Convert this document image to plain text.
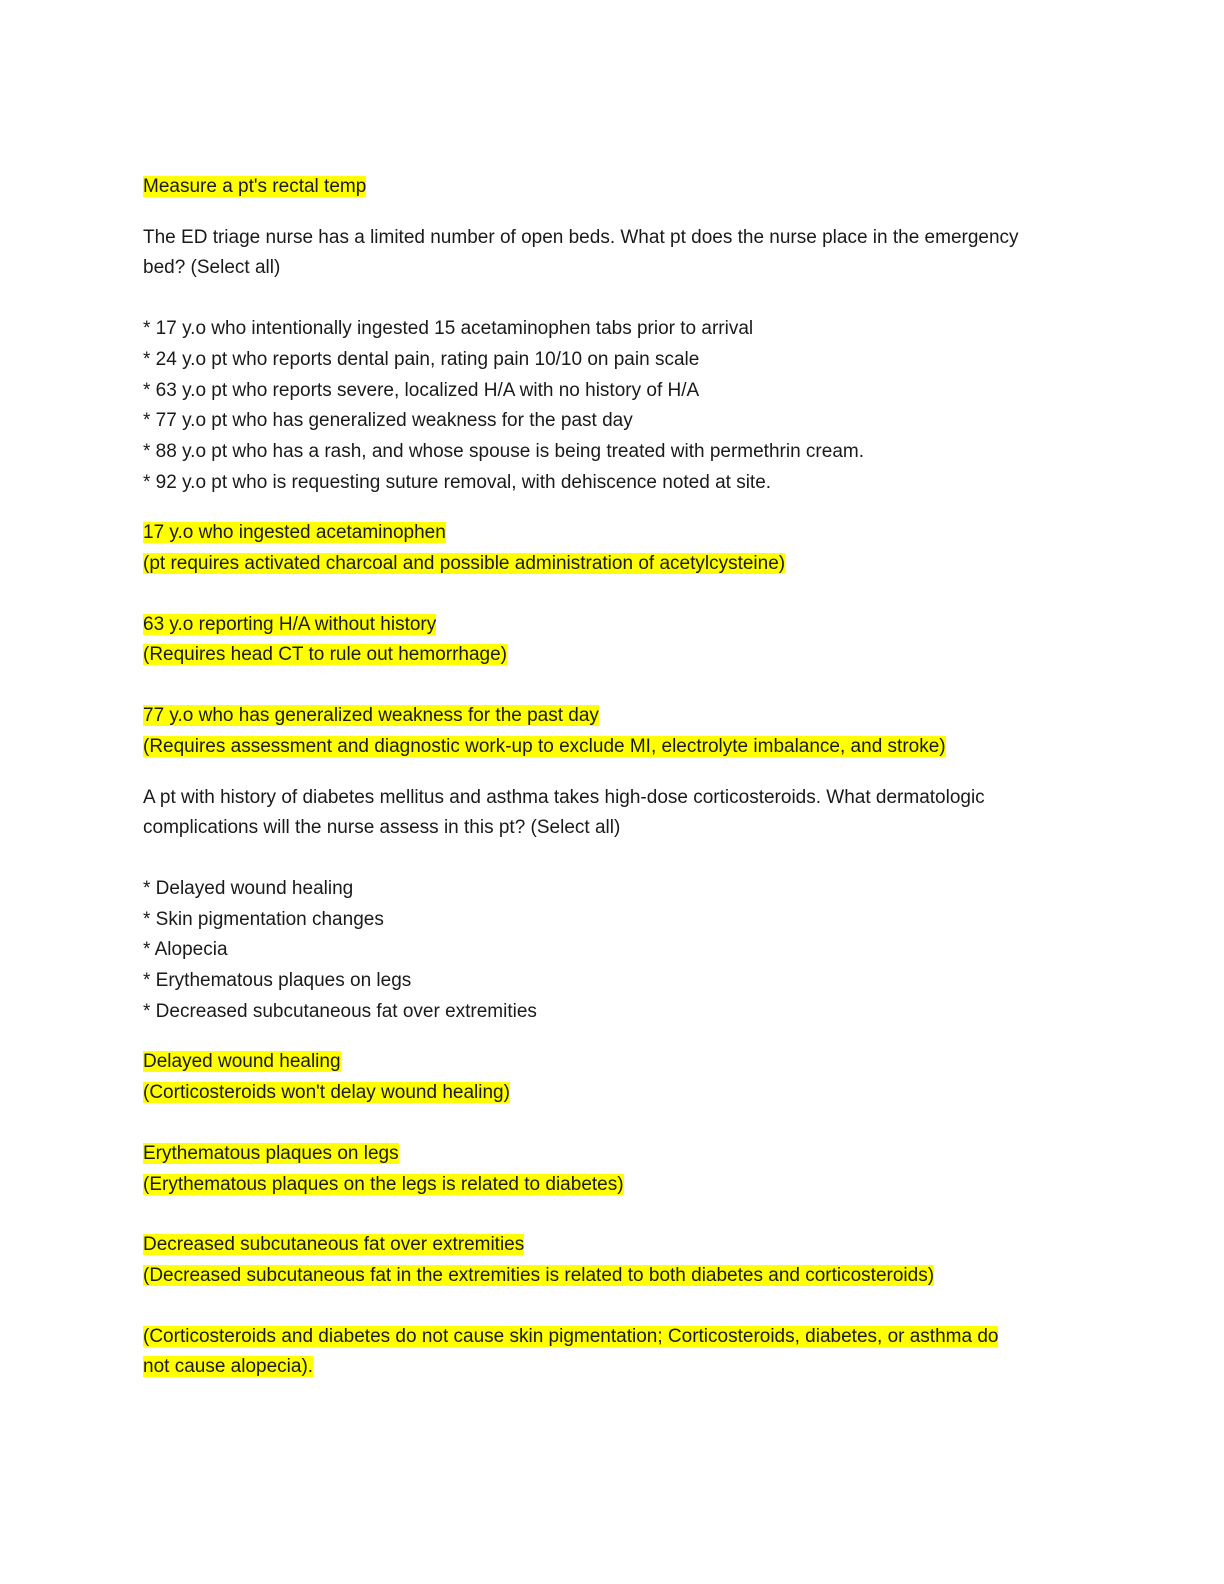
Measure a pt's rectal temp
The ED triage nurse has a limited number of open beds. What pt does the nurse place in the emergency
bed? (Select all)
* 17 y.o who intentionally ingested 15 acetaminophen tabs prior to arrival
* 24 y.o pt who reports dental pain, rating pain 10/10 on pain scale
* 63 y.o pt who reports severe, localized H/A with no history of H/A
* 77 y.o pt who has generalized weakness for the past day
* 88 y.o pt who has a rash, and whose spouse is being treated with permethrin cream.
* 92 y.o pt who is requesting suture removal, with dehiscence noted at site.
17 y.o who ingested acetaminophen
(pt requires activated charcoal and possible administration of acetylcysteine)
63 y.o reporting H/A without history
(Requires head CT to rule out hemorrhage)
77 y.o who has generalized weakness for the past day
(Requires assessment and diagnostic work-up to exclude MI, electrolyte imbalance, and stroke)
A pt with history of diabetes mellitus and asthma takes high-dose corticosteroids. What dermatologic
complications will the nurse assess in this pt? (Select all)
* Delayed wound healing
* Skin pigmentation changes
* Alopecia
* Erythematous plaques on legs
* Decreased subcutaneous fat over extremities
Delayed wound healing
(Corticosteroids won't delay wound healing)
Erythematous plaques on legs
(Erythematous plaques on the legs is related to diabetes)
Decreased subcutaneous fat over extremities
(Decreased subcutaneous fat in the extremities is related to both diabetes and corticosteroids)
(Corticosteroids and diabetes do not cause skin pigmentation; Corticosteroids, diabetes, or asthma do
not cause alopecia).
